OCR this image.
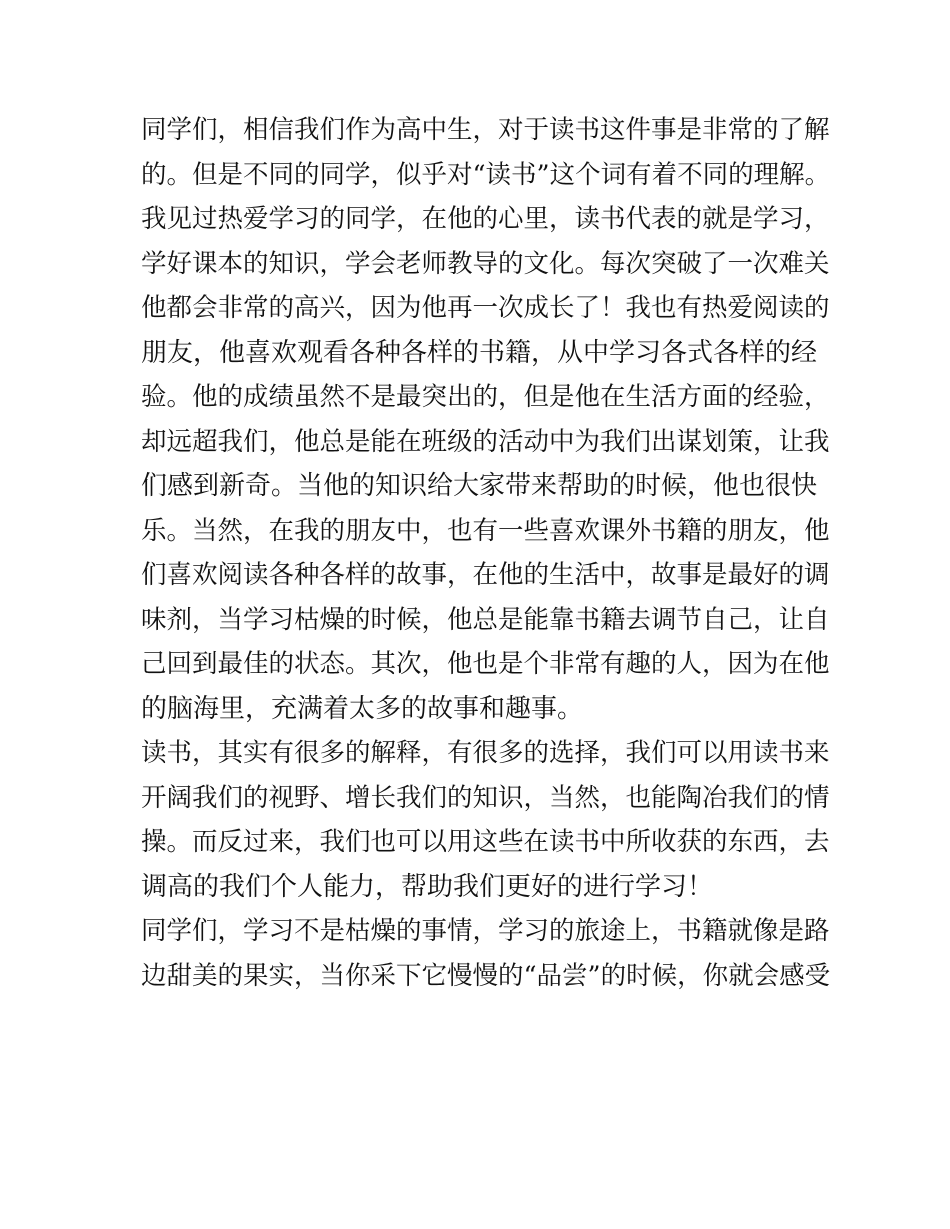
同学们，相信我们作为高中生，对于读书这件事是非常的了解
的。但是不同的同学，似乎对“读书”这个词有着不同的理解。
我见过热爱学习的同学，在他的心里，读书代表的就是学习，
学好课本的知识，学会老师教导的文化。每次突破了一次难关
他都会非常的高兴，因为他再一次成长了！我也有热爱阅读的
朋友，他喜欢观看各种各样的书籍，从中学习各式各样的经
验。他的成绩虽然不是最突出的，但是他在生活方面的经验，
却远超我们，他总是能在班级的活动中为我们出谋划策，让我
们感到新奇。当他的知识给大家带来帮助的时候，他也很快
乐。当然，在我的朋友中，也有一些喜欢课外书籍的朋友，他
们喜欢阅读各种各样的故事，在他的生活中，故事是最好的调
味剂，当学习枯燥的时候，他总是能靠书籍去调节自己，让自
己回到最佳的状态。其次，他也是个非常有趣的人，因为在他
的脑海里，充满着太多的故事和趣事。
读书，其实有很多的解释，有很多的选择，我们可以用读书来
开阔我们的视野、增长我们的知识，当然，也能陶冶我们的情
操。而反过来，我们也可以用这些在读书中所收获的东西，去
调高的我们个人能力，帮助我们更好的进行学习！
同学们，学习不是枯燥的事情，学习的旅途上，书籍就像是路
边甜美的果实，当你采下它慢慢的“品尝”的时候，你就会感受
